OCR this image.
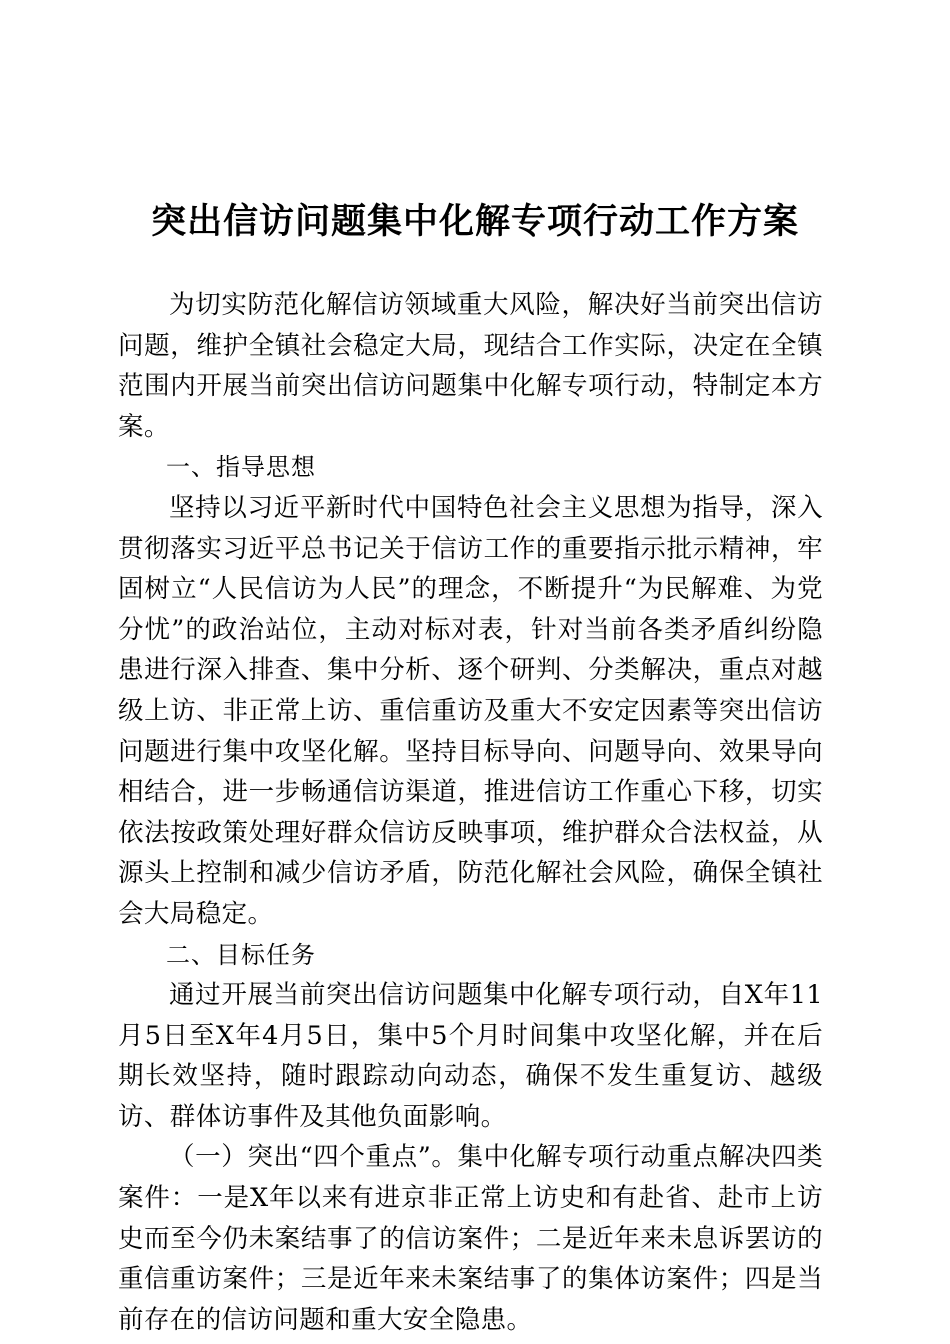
突出信访问题集中化解专项行动工作方案

为切实防范化解信访领域重大风险，解决好当前突出信访问题，维护全镇社会稳定大局，现结合工作实际，决定在全镇范围内开展当前突出信访问题集中化解专项行动，特制定本方案。

一、指导思想

坚持以习近平新时代中国特色社会主义思想为指导，深入贯彻落实习近平总书记关于信访工作的重要指示批示精神，牢固树立“人民信访为人民”的理念，不断提升“为民解难、为党分忧”的政治站位，主动对标对表，针对当前各类矛盾纠纷隐患进行深入排查、集中分析、逐个研判、分类解决，重点对越级上访、非正常上访、重信重访及重大不安定因素等突出信访问题进行集中攻坚化解。坚持目标导向、问题导向、效果导向相结合，进一步畅通信访渠道，推进信访工作重心下移，切实依法按政策处理好群众信访反映事项，维护群众合法权益，从源头上控制和减少信访矛盾，防范化解社会风险，确保全镇社会大局稳定。

二、目标任务

通过开展当前突出信访问题集中化解专项行动，自X年11月5日至X年4月5日，集中5个月时间集中攻坚化解，并在后期长效坚持，随时跟踪动向动态，确保不发生重复访、越级访、群体访事件及其他负面影响。

（一）突出“四个重点”。集中化解专项行动重点解决四类案件：一是X年以来有进京非正常上访史和有赴省、赴市上访史而至今仍未案结事了的信访案件；二是近年来未息诉罢访的重信重访案件；三是近年来未案结事了的集体访案件；四是当前存在的信访问题和重大安全隐患。
